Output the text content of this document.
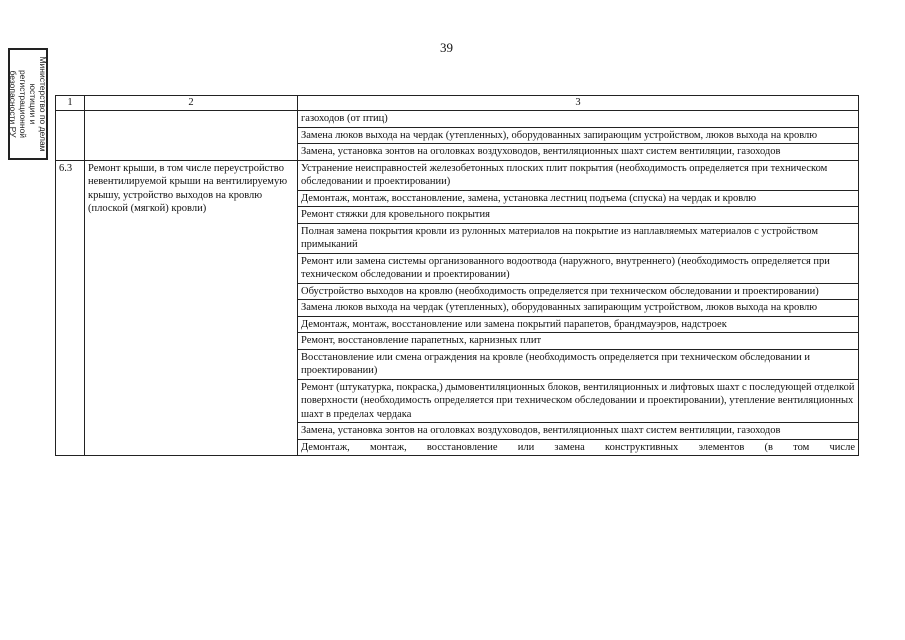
39
Министерство по делам юстиции и регистрационной безопасности РУ	1	2	3
		газоходов (от птиц)
		Замена люков выхода на чердак (утепленных), оборудованных запирающим устройством, люков выхода на кровлю
		Замена, установка зонтов на оголовках воздуховодов, вентиляционных шахт систем вентиляции, газоходов
6.3	Ремонт крыши, в том числе переустройство невентилируемой крыши на вентилируемую крышу, устройство выходов на кровлю (плоской (мягкой) кровли)	Устранение неисправностей железобетонных плоских плит покрытия (необходимость определяется при техническом обследовании и проектировании)
		Демонтаж, монтаж, восстановление, замена, установка лестниц подъема (спуска) на чердак и кровлю
		Ремонт стяжки для кровельного покрытия
		Полная замена покрытия кровли из рулонных материалов на покрытие из наплавляемых материалов с устройством примыканий
		Ремонт или замена системы организованного водоотвода (наружного, внутреннего) (необходимость определяется при техническом обследовании и проектировании)
		Обустройство выходов на кровлю (необходимость определяется при техническом обследовании и проектировании)
		Замена люков выхода на чердак (утепленных), оборудованных запирающим устройством, люков выхода на кровлю
		Демонтаж, монтаж, восстановление или замена покрытий парапетов, брандмауэров, надстроек
		Ремонт, восстановление парапетных, карнизных плит
		Восстановление или смена ограждения на кровле (необходимость определяется при техническом обследовании и проектировании)
		Ремонт (штукатурка, покраска,) дымовентиляционных блоков, вентиляционных и лифтовых шахт с последующей отделкой поверхности (необходимость определяется при техническом обследовании и проектировании), утепление вентиляционных шахт в пределах чердака
		Замена, установка зонтов на оголовках воздуховодов, вентиляционных шахт систем вентиляции, газоходов
		Демонтаж, монтаж, восстановление или замена конструктивных элементов (в том числе
